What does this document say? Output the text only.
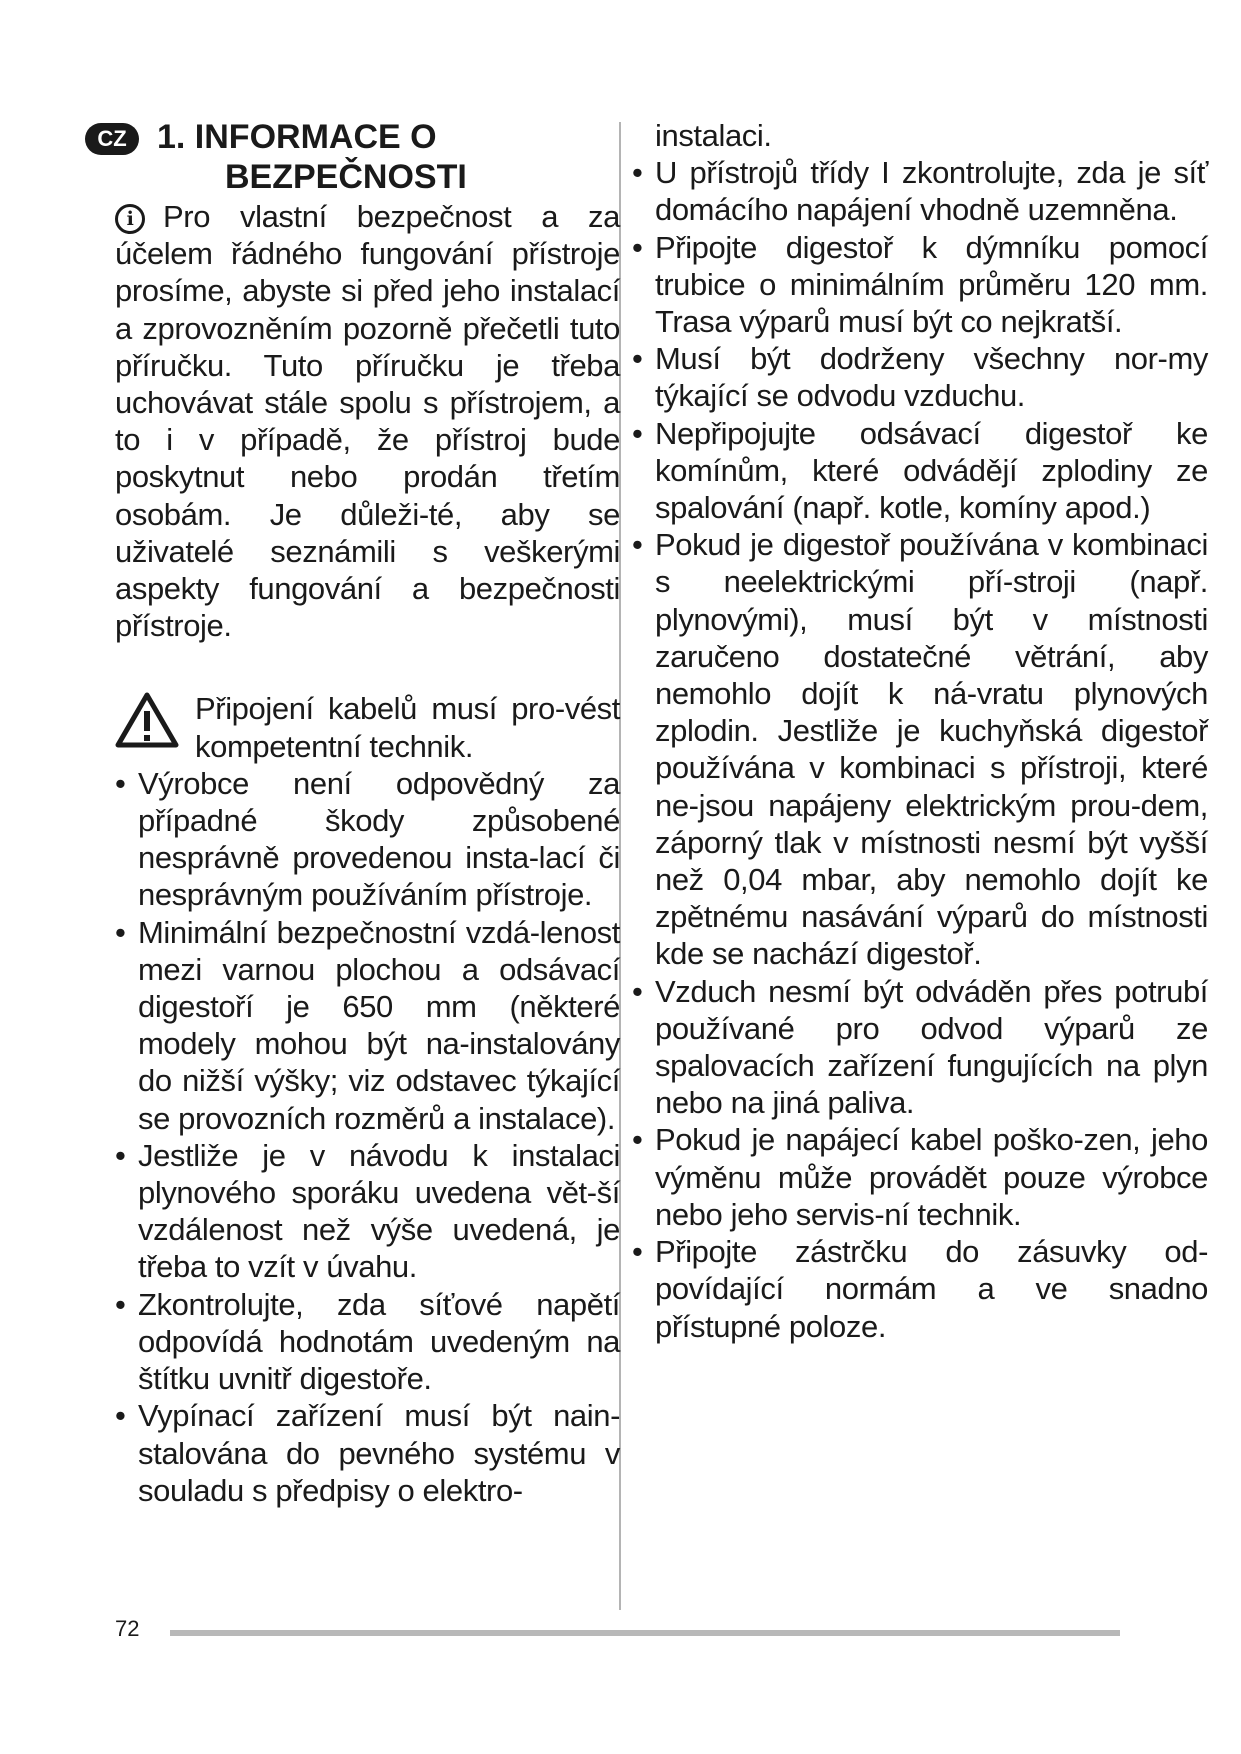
CZ 1. INFORMACE O
BEZPEČNOSTI
i Pro vlastní bezpečnost a za účelem řádného fungování přístroje prosíme, abyste si před jeho instalací a zprovozněním pozorně přečetli tuto příručku. Tuto příručku je třeba uchovávat stále spolu s přístrojem, a to i v případě, že přístroj bude poskytnut nebo prodán třetím osobám. Je důleži-té, aby se uživatelé seznámili s veškerými aspekty fungování a bezpečnosti přístroje.

Připojení kabelů musí pro-vést kompetentní technik.

• Výrobce není odpovědný za případné škody způsobené nesprávně provedenou insta-lací či nesprávným používáním přístroje.
• Minimální bezpečnostní vzdá-lenost mezi varnou plochou a odsávací digestoří je 650 mm (některé modely mohou být na-instalovány do nižší výšky; viz odstavec týkající se provozních rozměrů a instalace).
• Jestliže je v návodu k instalaci plynového sporáku uvedena vět-ší vzdálenost než výše uvedená, je třeba to vzít v úvahu.
• Zkontrolujte, zda síťové napětí odpovídá hodnotám uvedeným na štítku uvnitř digestoře.
• Vypínací zařízení musí být nain-stalována do pevného systému v souladu s předpisy o elektro-

instalaci.

• U přístrojů třídy I zkontrolujte, zda je síť domácího napájení vhodně uzemněna.
• Připojte digestoř k dýmníku pomocí trubice o minimálním průměru 120 mm. Trasa výparů musí být co nejkratší.
• Musí být dodrženy všechny nor-my týkající se odvodu vzduchu.
• Nepřipojujte odsávací digestoř ke komínům, které odvádějí zplodiny ze spalování (např. kotle, komíny apod.)
• Pokud je digestoř používána v kombinaci s neelektrickými pří-stroji (např. plynovými), musí být v místnosti zaručeno dostatečné větrání, aby nemohlo dojít k ná-vratu plynových zplodin. Jestliže je kuchyňská digestoř používána v kombinaci s přístroji, které ne-jsou napájeny elektrickým prou-dem, záporný tlak v místnosti nesmí být vyšší než 0,04 mbar, aby nemohlo dojít ke zpětnému nasávání výparů do místnosti kde se nachází digestoř.
• Vzduch nesmí být odváděn přes potrubí používané pro odvod výparů ze spalovacích zařízení fungujících na plyn nebo na jiná paliva.
• Pokud je napájecí kabel poško-zen, jeho výměnu může provádět pouze výrobce nebo jeho servis-ní technik.
• Připojte zástrčku do zásuvky od-povídající normám a ve snadno přístupné poloze.
72
